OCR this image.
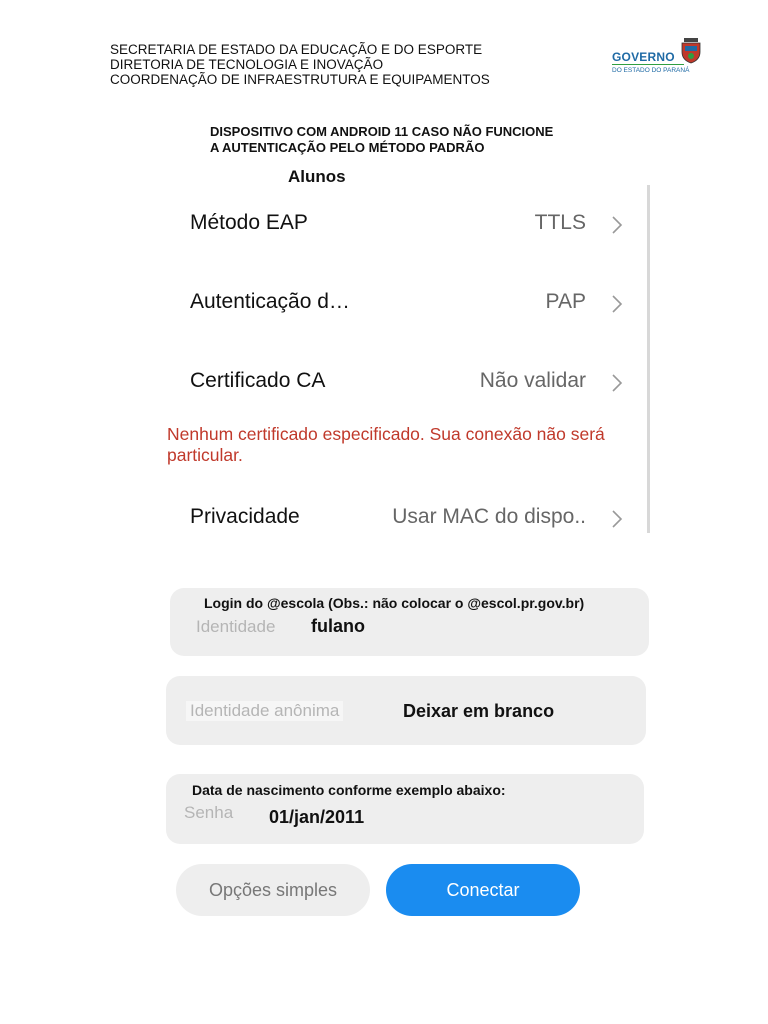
SECRETARIA DE ESTADO DA EDUCAÇÃO E DO ESPORTE
DIRETORIA DE TECNOLOGIA E INOVAÇÃO
COORDENAÇÃO DE INFRAESTRUTURA E EQUIPAMENTOS
GOVERNO
DO ESTADO DO PARANÁ
DISPOSITIVO COM ANDROID 11 CASO NÃO FUNCIONE
A AUTENTICAÇÃO PELO MÉTODO PADRÃO
Alunos
Método EAP	TTLS
Autenticação d…	PAP
Certificado CA	Não validar
Nenhum certificado especificado. Sua conexão não será particular.
Privacidade	Usar MAC do dispo..
Login do @escola (Obs.: não colocar o @escol.pr.gov.br)
Identidade fulano
Identidade anônima	Deixar em branco
Data de nascimento conforme exemplo abaixo:
Senha 01/jan/2011
Opções simples	Conectar
